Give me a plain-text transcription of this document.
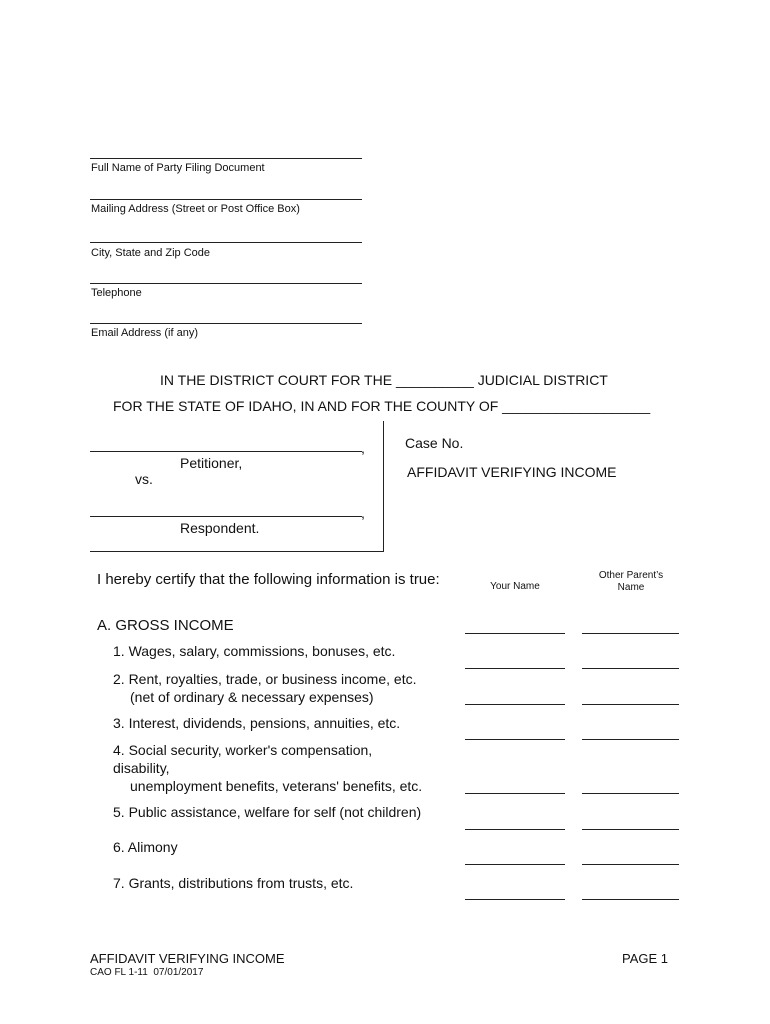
Full Name of Party Filing Document
Mailing Address (Street or Post Office Box)
City, State and Zip Code
Telephone
Email Address (if any)
IN THE DISTRICT COURT FOR THE __________ JUDICIAL DISTRICT
FOR THE STATE OF IDAHO, IN AND FOR THE COUNTY OF ___________________
,
Petitioner,
vs.
,
Respondent.
Case No.
AFFIDAVIT VERIFYING INCOME
I hereby certify that the following information is true:	Your Name
Other Parent’s
Name
A. GROSS INCOME
1. Wages, salary, commissions, bonuses, etc.
2. Rent, royalties, trade, or business income, etc.
(net of ordinary & necessary expenses)
3. Interest, dividends, pensions, annuities, etc.
4. Social security, worker's compensation,
disability,
unemployment benefits, veterans' benefits, etc.
5. Public assistance, welfare for self (not children)
6. Alimony
7. Grants, distributions from trusts, etc.
AFFIDAVIT VERIFYING INCOME	PAGE 1
CAO FL 1-11  07/01/2017
